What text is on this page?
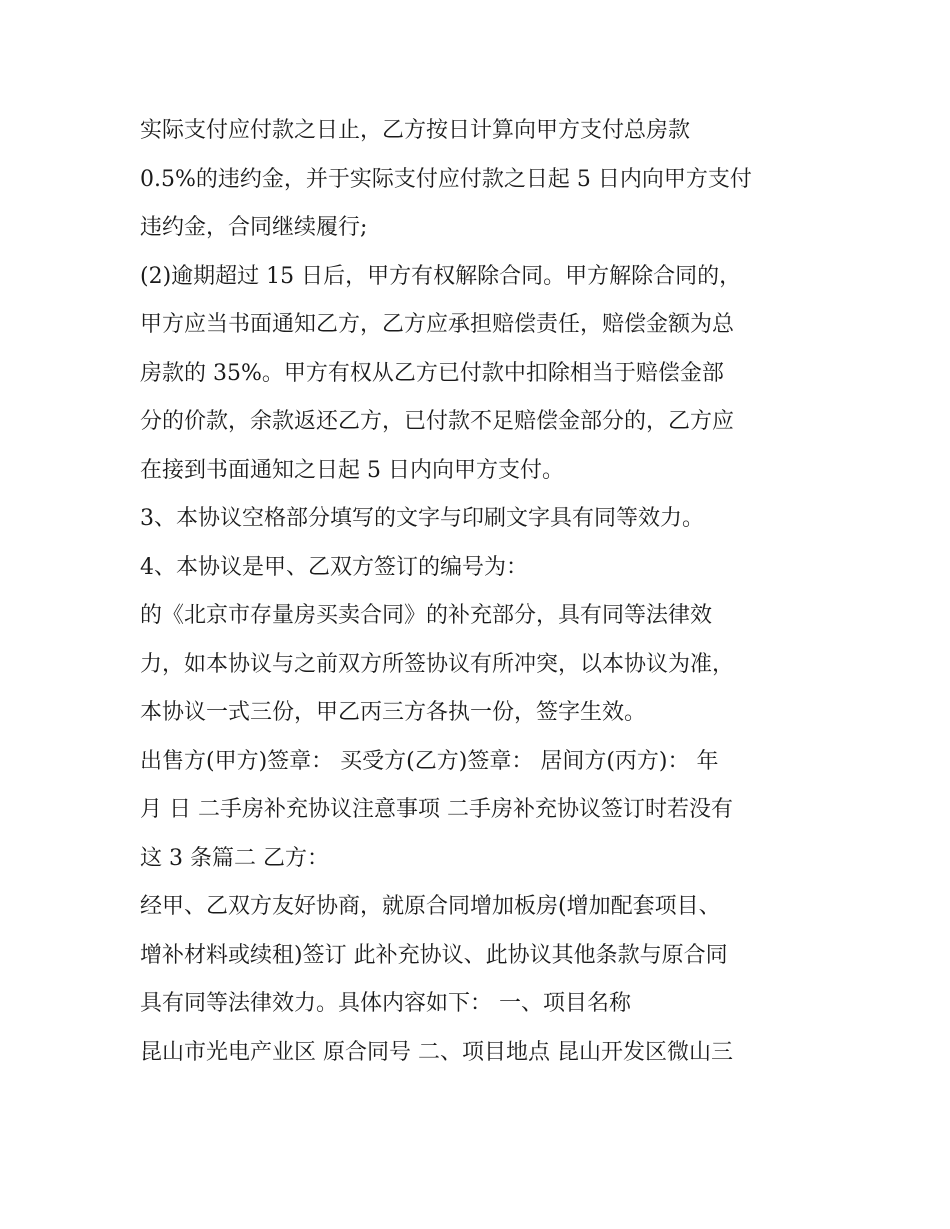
实际支付应付款之日止，乙方按日计算向甲方支付总房款
0.5%的违约金，并于实际支付应付款之日起 5 日内向甲方支付
违约金，合同继续履行;
(2)逾期超过 15 日后，甲方有权解除合同。甲方解除合同的，
甲方应当书面通知乙方，乙方应承担赔偿责任，赔偿金额为总
房款的 35%。甲方有权从乙方已付款中扣除相当于赔偿金部
分的价款，余款返还乙方，已付款不足赔偿金部分的，乙方应
在接到书面通知之日起 5 日内向甲方支付。
3、本协议空格部分填写的文字与印刷文字具有同等效力。
4、本协议是甲、乙双方签订的编号为：
的《北京市存量房买卖合同》的补充部分，具有同等法律效
力，如本协议与之前双方所签协议有所冲突，以本协议为准，
本协议一式三份，甲乙丙三方各执一份，签字生效。
出售方(甲方)签章： 买受方(乙方)签章： 居间方(丙方)： 年
月 日 二手房补充协议注意事项 二手房补充协议签订时若没有
这 3 条篇二 乙方：
经甲、乙双方友好协商，就原合同增加板房(增加配套项目、
增补材料或续租)签订 此补充协议、此协议其他条款与原合同
具有同等法律效力。具体内容如下： 一、项目名称
昆山市光电产业区 原合同号 二、项目地点 昆山开发区微山三
